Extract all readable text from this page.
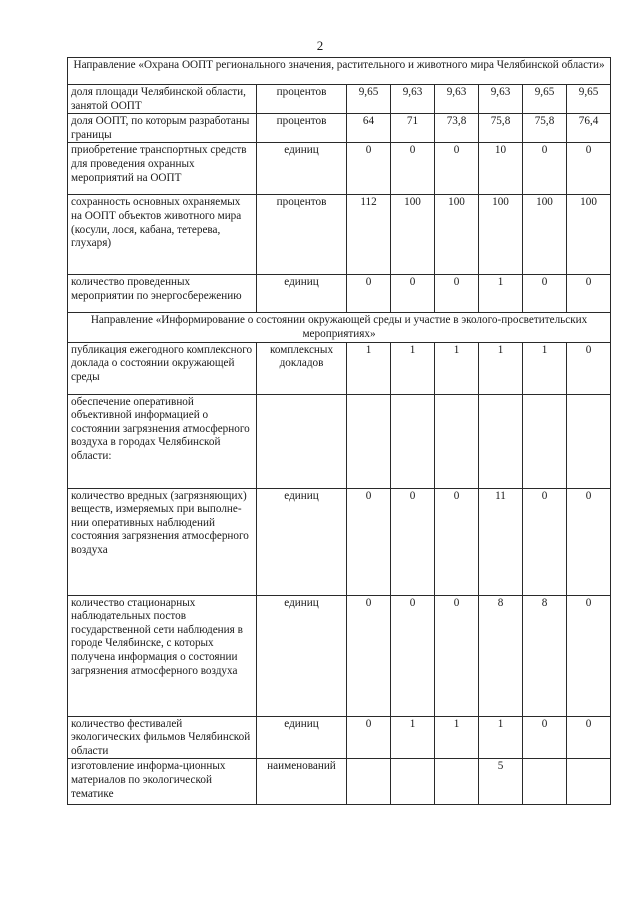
2
Направление «Охрана ООПТ регионального значения, растительного и животного мира Челябинской области»							
доля площади Челябинской области, занятой ООПТ	процентов	9,65	9,63	9,63	9,63	9,65	9,65
доля ООПТ, по которым разработаны границы	процентов	64	71	73,8	75,8	75,8	76,4
приобретение транспортных средств для проведения охранных мероприятий на ООПТ	единиц	0	0	0	10	0	0
сохранность основных охраняемых на ООПТ объектов животного мира (косули, лося, кабана, тетерева, глухаря)	процентов	112	100	100	100	100	100
количество проведенных мероприятии по энергосбережению	единиц	0	0	0	1	0	0
Направление «Информирование о состоянии окружающей среды и участие в эколого-просветительских мероприятиях»							
публикация ежегодного комплексного доклада о состоянии окружающей среды	комплексных докладов	1	1	1	1	1	0
обеспечение оперативной объективной информацией о состоянии загрязнения атмосферного воздуха в городах Челябинской области:							
количество вредных (загрязняющих) веществ, измеряемых при выполне-нии оперативных наблюдений состояния загрязнения атмосферного воздуха	единиц	0	0	0	11	0	0
количество стационарных наблюдательных постов государственной сети наблюдения в городе Челябинске, с которых получена информация о состоянии загрязнения атмосферного воздуха	единиц	0	0	0	8	8	0
количество фестивалей экологических фильмов Челябинской области	единиц	0	1	1	1	0	0
изготовление информа-ционных материалов по экологической тематике	наименований				5		
